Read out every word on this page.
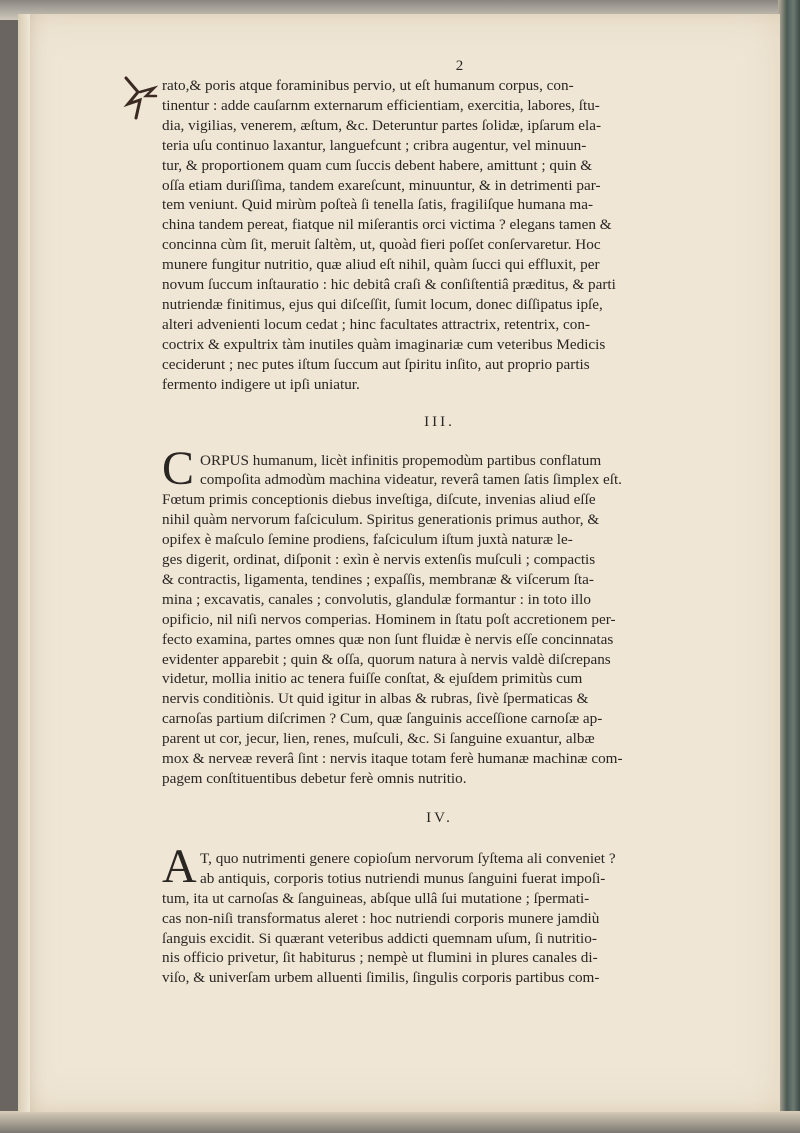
2
rato,& poris atque foraminibus pervio, ut eſt humanum corpus, con-
tinentur : adde cauſarnm externarum efficientiam, exercitia, labores, ſtu-
dia, vigilias, venerem, æſtum, &c. Deteruntur partes ſolidæ, ipſarum ela-
teria uſu continuo laxantur, languefcunt ; cribra augentur, vel minuun-
tur, & proportionem quam cum ſuccis debent habere, amittunt ; quin &
oſſa etiam duriſſima, tandem exareſcunt, minuuntur, & in detrimenti par-
tem veniunt. Quid mirùm poſteà ſi tenella ſatis, fragiliſque humana ma-
china tandem pereat, fiatque nil miſerantis orci victima ? elegans tamen &
concinna cùm ſit, meruit ſaltèm, ut, quoàd fieri poſſet conſervaretur. Hoc
munere fungitur nutritio, quæ aliud eſt nihil, quàm ſucci qui effluxit, per
novum ſuccum inſtauratio : hic debitâ craſi & conſiſtentiâ præditus, & parti
nutriendæ finitimus, ejus qui diſceſſit, ſumit locum, donec diſſipatus ipſe,
alteri advenienti locum cedat ; hinc facultates attractrix, retentrix, con-
coctrix & expultrix tàm inutiles quàm imaginariæ cum veteribus Medicis
ceciderunt ; nec putes iſtum ſuccum aut ſpiritu inſito, aut proprio partis
fermento indigere ut ipſi uniatur.
III.
C ORPUS humanum, licèt infinitis propemodùm partibus conflatum
compoſita admodùm machina videatur, reverâ tamen ſatis ſimplex eſt.
Fœtum primis conceptionis diebus inveſtiga, diſcute, invenias aliud eſſe
nihil quàm nervorum faſciculum. Spiritus generationis primus author, &
opifex è maſculo ſemine prodiens, faſciculum iſtum juxtà naturæ le-
ges digerit, ordinat, diſponit : exìn è nervis extenſis muſculi ; compactis
& contractis, ligamenta, tendines ; expaſſis, membranæ & viſcerum ſta-
mina ; excavatis, canales ; convolutis, glandulæ formantur : in toto illo
opificio, nil niſi nervos comperias. Hominem in ſtatu poſt accretionem per-
fecto examina, partes omnes quæ non ſunt fluidæ è nervis eſſe concinnatas
evidenter apparebit ; quin & oſſa, quorum natura à nervis valdè diſcrepans
videtur, mollia initio ac tenera fuiſſe conſtat, & ejuſdem primitùs cum
nervis conditiònis. Ut quid igitur in albas & rubras, ſivè ſpermaticas &
carnoſas partium diſcrimen ? Cum, quæ ſanguinis acceſſione carnoſæ ap-
parent ut cor, jecur, lien, renes, muſculi, &c. Si ſanguine exuantur, albæ
mox & nerveæ reverâ ſint : nervis itaque totam ferè humanæ machinæ com-
pagem conſtituentibus debetur ferè omnis nutritio.
IV.
A T, quo nutrimenti genere copioſum nervorum ſyſtema ali conveniet ?
ab antiquis, corporis totius nutriendi munus ſanguini fuerat impoſi-
tum, ita ut carnoſas & ſanguineas, abſque ullâ ſui mutatione ; ſpermati-
cas non-niſi transformatus aleret : hoc nutriendi corporis munere jamdiù
ſanguis excidit. Si quærant veteribus addicti quemnam uſum, ſi nutritio-
nis officio privetur, ſit habiturus ; nempè ut flumini in plures canales di-
viſo, & univerſam urbem alluenti ſimilis, ſingulis corporis partibus com-
